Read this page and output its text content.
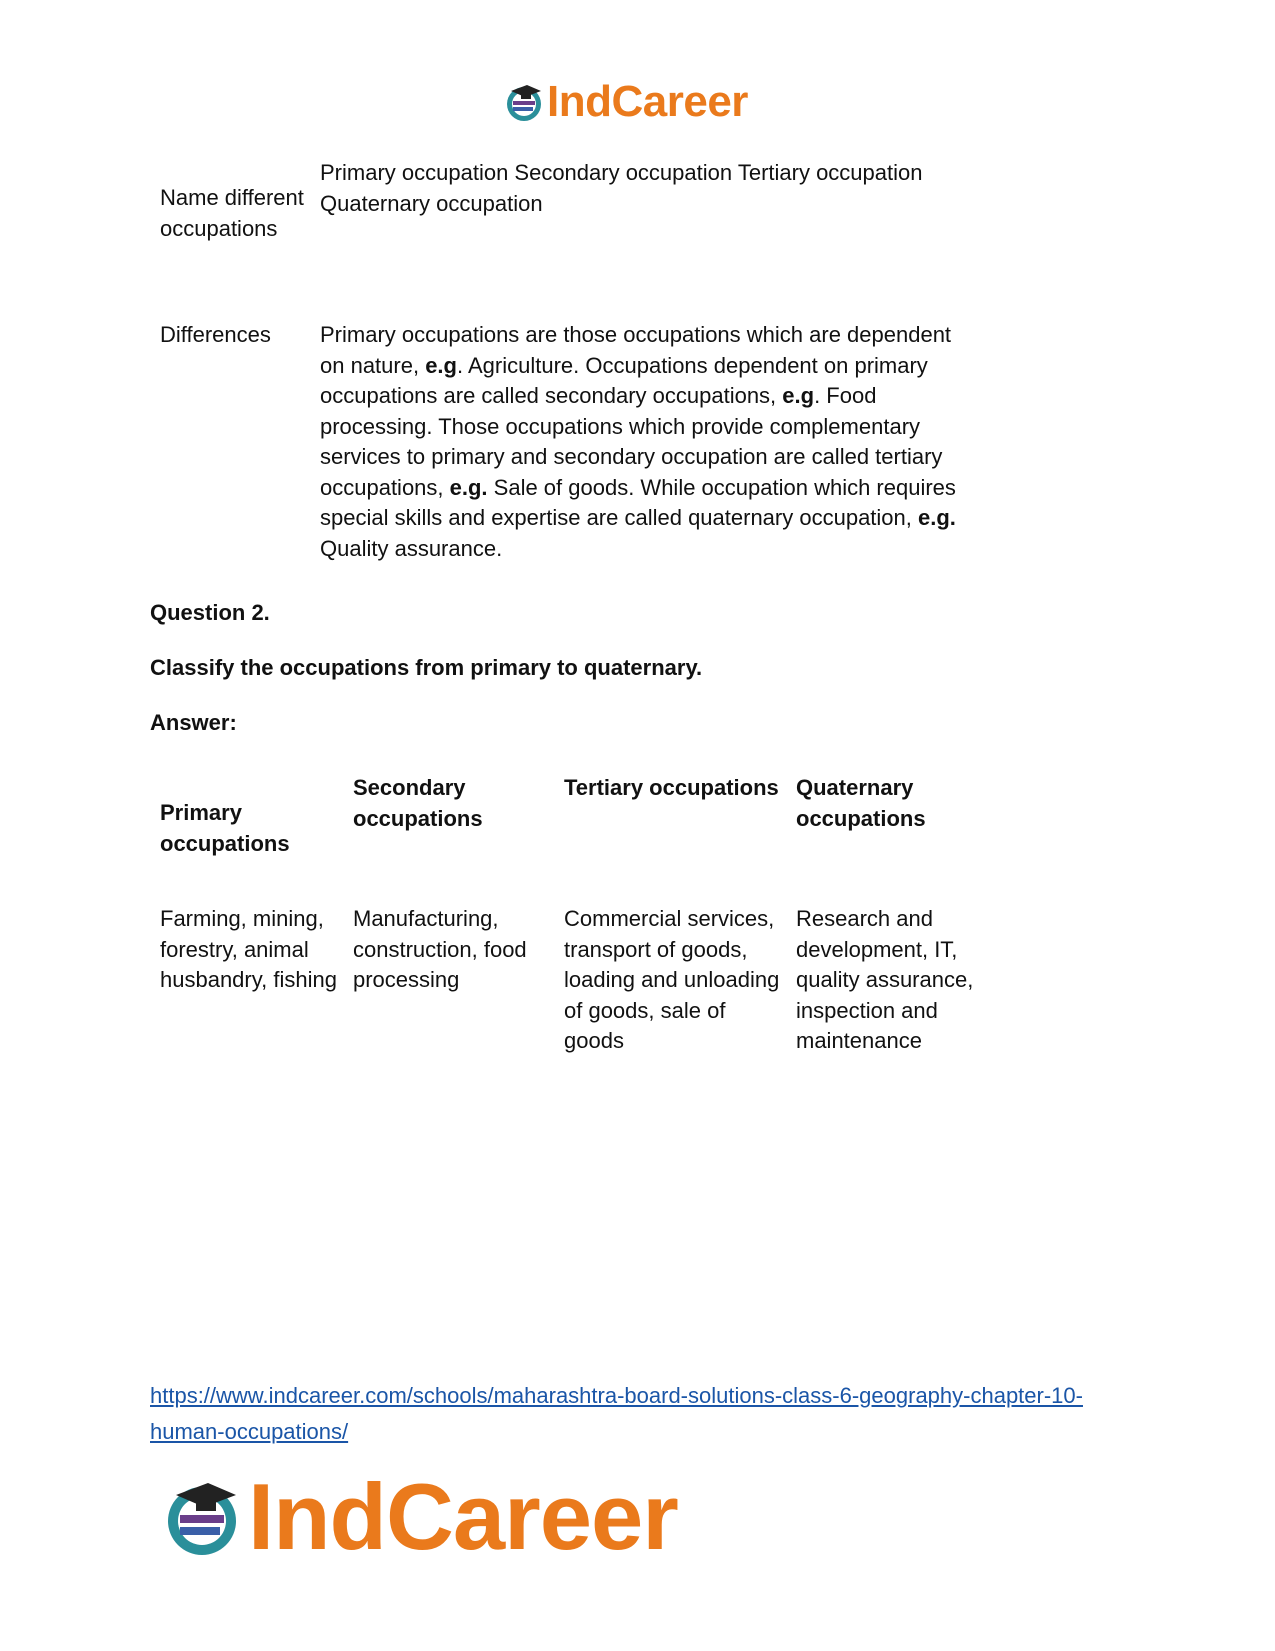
IndCareer
Name different occupations
Primary occupation Secondary occupation Tertiary occupation Quaternary occupation
Differences	Primary occupations are those occupations which are dependent on nature, e.g. Agriculture. Occupations dependent on primary occupations are called secondary occupations, e.g. Food processing. Those occupations which provide complementary services to primary and secondary occupation are called tertiary occupations, e.g. Sale of goods. While occupation which requires special skills and expertise are called quaternary occupation, e.g. Quality assurance.
Question 2.
Classify the occupations from primary to quaternary.
Answer:
Primary occupations
Secondary occupations
Tertiary occupations Quaternary occupations
Farming, mining, forestry, animal husbandry, fishing
Manufacturing, construction, food processing
Commercial services, transport of goods, loading and unloading of goods, sale of goods
Research and development, IT, quality assurance, inspection and maintenance
https://www.indcareer.com/schools/maharashtra-board-solutions-class-6-geography-chapter-10-human-occupations/
IndCareer
